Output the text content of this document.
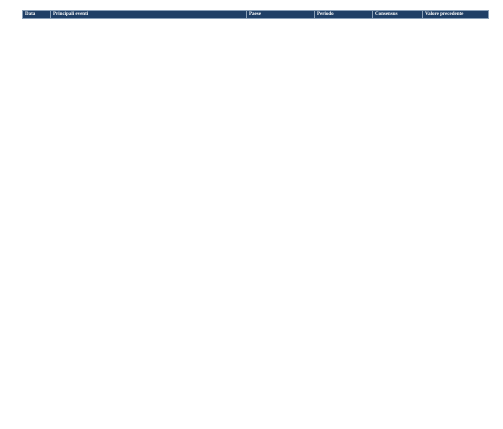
Data	Principali eventi	Paese	Periodo	Consensus	Valore precedente
